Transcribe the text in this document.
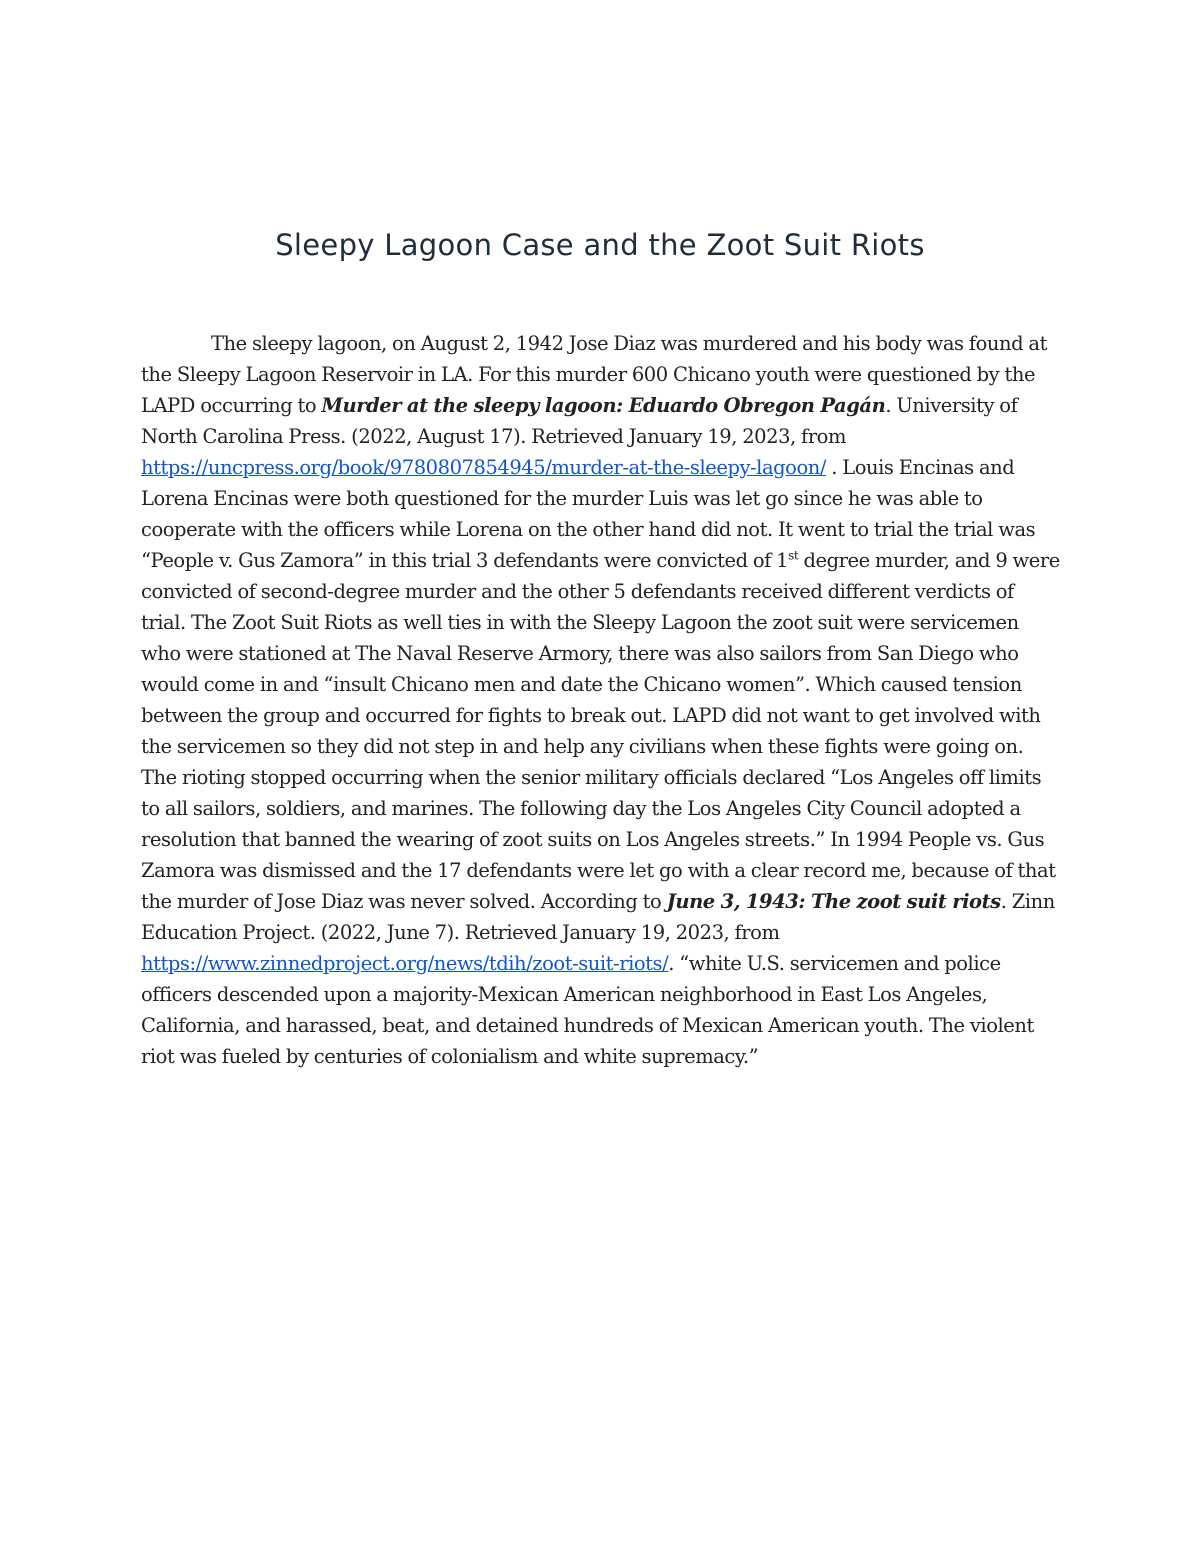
Sleepy Lagoon Case and the Zoot Suit Riots

The sleepy lagoon, on August 2, 1942 Jose Diaz was murdered and his body was found at the Sleepy Lagoon Reservoir in LA. For this murder 600 Chicano youth were questioned by the LAPD occurring to Murder at the sleepy lagoon: Eduardo Obregon Pagán. University of North Carolina Press. (2022, August 17). Retrieved January 19, 2023, from https://uncpress.org/book/9780807854945/murder-at-the-sleepy-lagoon/ . Louis Encinas and Lorena Encinas were both questioned for the murder Luis was let go since he was able to cooperate with the officers while Lorena on the other hand did not. It went to trial the trial was “People v. Gus Zamora” in this trial 3 defendants were convicted of 1st degree murder, and 9 were convicted of second-degree murder and the other 5 defendants received different verdicts of trial. The Zoot Suit Riots as well ties in with the Sleepy Lagoon the zoot suit were servicemen who were stationed at The Naval Reserve Armory, there was also sailors from San Diego who would come in and “insult Chicano men and date the Chicano women”. Which caused tension between the group and occurred for fights to break out. LAPD did not want to get involved with the servicemen so they did not step in and help any civilians when these fights were going on. The rioting stopped occurring when the senior military officials declared “Los Angeles off limits to all sailors, soldiers, and marines. The following day the Los Angeles City Council adopted a resolution that banned the wearing of zoot suits on Los Angeles streets.” In 1994 People vs. Gus Zamora was dismissed and the 17 defendants were let go with a clear record me, because of that the murder of Jose Diaz was never solved. According to June 3, 1943: The zoot suit riots. Zinn Education Project. (2022, June 7). Retrieved January 19, 2023, from https://www.zinnedproject.org/news/tdih/zoot-suit-riots/. “white U.S. servicemen and police officers descended upon a majority-Mexican American neighborhood in East Los Angeles, California, and harassed, beat, and detained hundreds of Mexican American youth. The violent riot was fueled by centuries of colonialism and white supremacy.”
